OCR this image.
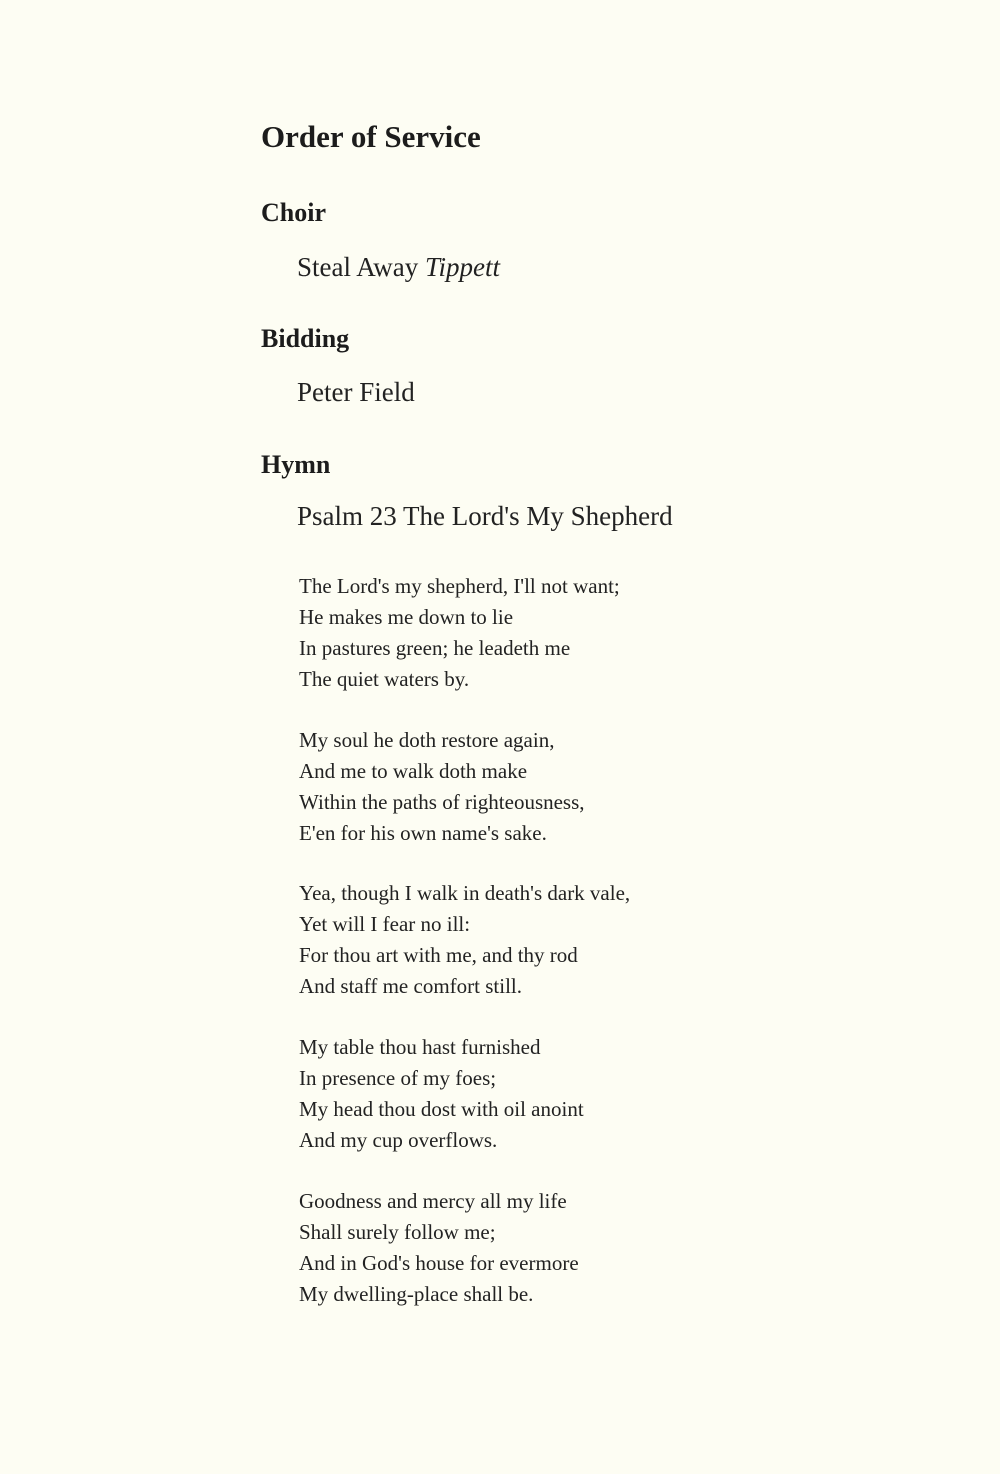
Order of Service
Choir

Steal Away Tippett

Bidding

Peter Field

Hymn

Psalm 23 The Lord's My Shepherd

The Lord's my shepherd, I'll not want;
He makes me down to lie
In pastures green; he leadeth me
The quiet waters by.
My soul he doth restore again,
And me to walk doth make
Within the paths of righteousness,
E'en for his own name's sake.
Yea, though I walk in death's dark vale,
Yet will I fear no ill:
For thou art with me, and thy rod
And staff me comfort still.
My table thou hast furnished
In presence of my foes;
My head thou dost with oil anoint
And my cup overflows.
Goodness and mercy all my life
Shall surely follow me;
And in God's house for evermore
My dwelling-place shall be.
